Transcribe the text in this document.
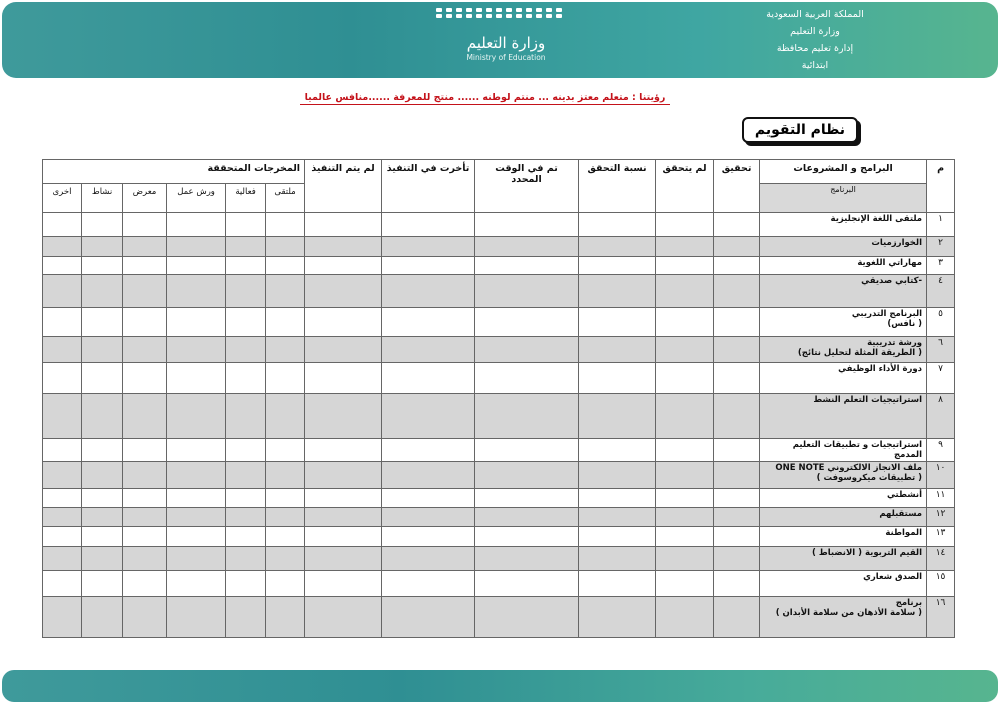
المملكة العربية السعودية
وزارة التعليم
إدارة تعليم محافظة
ابتدائية
وزارة التعليم
Ministry of Education
رؤيتنا : متعلم معتز بدينه ... منتم لوطنه ...... منتج للمعرفة ......منافس عالميا
نظام التقويم
م	البرامج و المشروعات	تحقيق	لم يتحقق	نسبة التحقق	تم في الوقت المحدد	تأخرت في التنفيذ	لم يتم التنفيذ	المخرجات المتحققة					
	البرنامج							ملتقى	فعالية	ورش عمل	معرض	نشاط	اخرى
١	ملتقى اللغة الإنجليزية												
٢	الخوارزميات												
٣	مهاراتي اللغوية												
٤	-كتابي صديقي												
٥	البرنامج التدريبي
( نافس)												

٦	ورشة تدريبية
( الطريقة المثلة لتحليل نتائج)												

٧	دورة الأداء الوظيفي												
٨	استراتيجيات التعلم النشط												
٩	استراتيجيات و تطبيقات التعليم المدمج												
١٠	ملف الانجاز الالكتروني ONE NOTE
( تطبيقات ميكروسوفت )												

١١	أنشطتي												
١٢	مستقبلهم												
١٣	المواطنة												
١٤	القيم التربوية ( الانضباط )												
١٥	الصدق شعاري												
١٦	برنامج
( سلامة الأذهان من سلامة الأبدان )												
